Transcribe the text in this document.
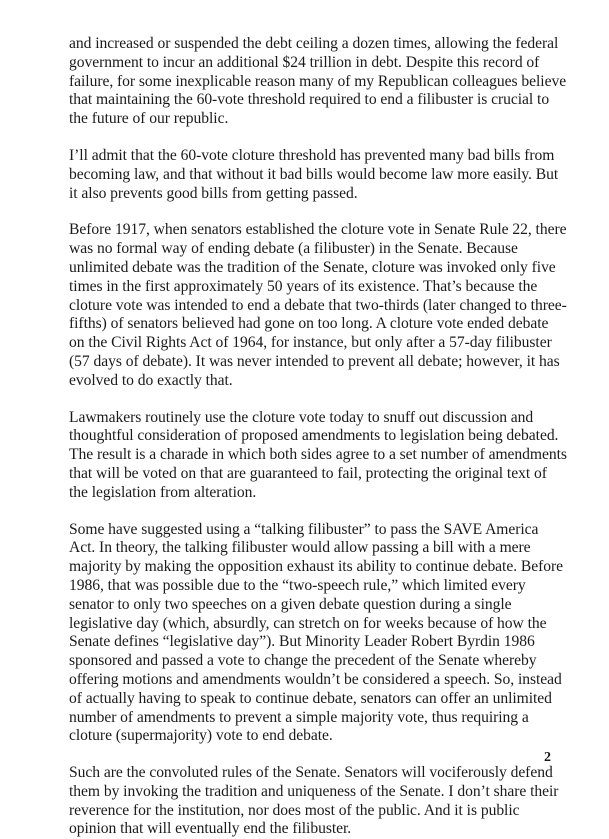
and increased or suspended the debt ceiling a dozen times, allowing the federal government to incur an additional $24 trillion in debt. Despite this record of failure, for some inexplicable reason many of my Republican colleagues believe that maintaining the 60-vote threshold required to end a filibuster is crucial to the future of our republic.

I’ll admit that the 60-vote cloture threshold has prevented many bad bills from becoming law, and that without it bad bills would become law more easily. But it also prevents good bills from getting passed.

Before 1917, when senators established the cloture vote in Senate Rule 22, there was no formal way of ending debate (a filibuster) in the Senate. Because unlimited debate was the tradition of the Senate, cloture was invoked only five times in the first approximately 50 years of its existence. That’s because the cloture vote was intended to end a debate that two-thirds (later changed to three-fifths) of senators believed had gone on too long. A cloture vote ended debate on the Civil Rights Act of 1964, for instance, but only after a 57-day filibuster (57 days of debate). It was never intended to prevent all debate; however, it has evolved to do exactly that.

Lawmakers routinely use the cloture vote today to snuff out discussion and thoughtful consideration of proposed amendments to legislation being debated. The result is a charade in which both sides agree to a set number of amendments that will be voted on that are guaranteed to fail, protecting the original text of the legislation from alteration.

Some have suggested using a “talking filibuster” to pass the SAVE America Act. In theory, the talking filibuster would allow passing a bill with a mere majority by making the opposition exhaust its ability to continue debate. Before 1986, that was possible due to the “two-speech rule,” which limited every senator to only two speeches on a given debate question during a single legislative day (which, absurdly, can stretch on for weeks because of how the Senate defines “legislative day”). But Minority Leader Robert Byrdin 1986 sponsored and passed a vote to change the precedent of the Senate whereby offering motions and amendments wouldn’t be considered a speech. So, instead of actually having to speak to continue debate, senators can offer an unlimited number of amendments to prevent a simple majority vote, thus requiring a cloture (supermajority) vote to end debate.

Such are the convoluted rules of the Senate. Senators will vociferously defend them by invoking the tradition and uniqueness of the Senate. I don’t share their reverence for the institution, nor does most of the public. And it is public opinion that will eventually end the filibuster.

2
